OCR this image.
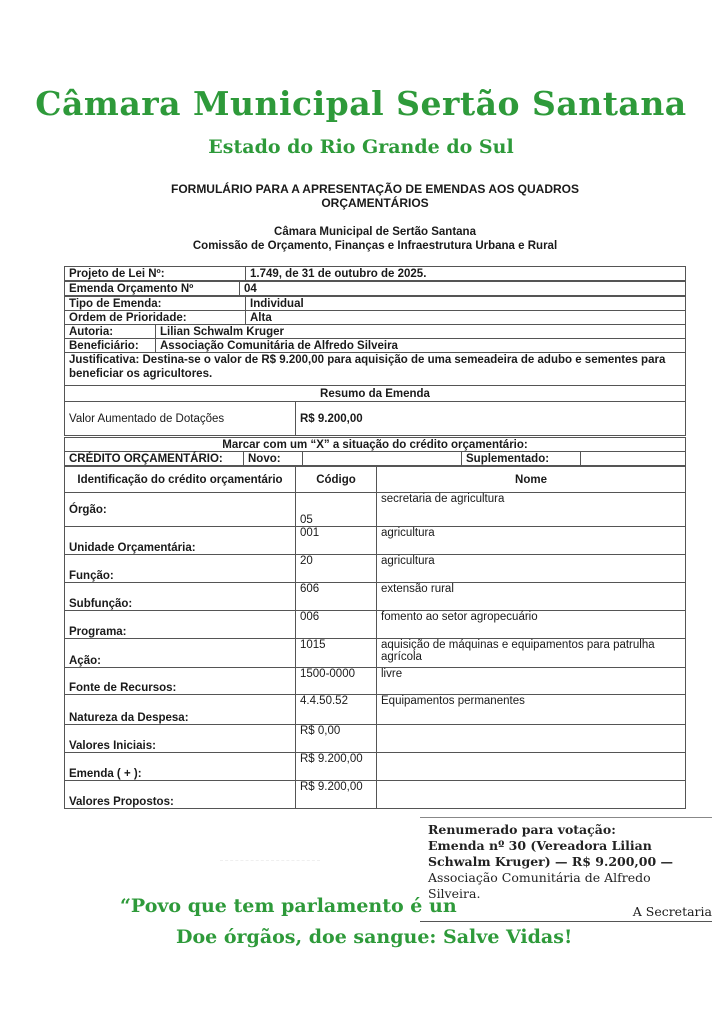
Câmara Municipal Sertão Santana
Estado do Rio Grande do Sul
FORMULÁRIO PARA A APRESENTAÇÃO DE EMENDAS AOS QUADROS
ORÇAMENTÁRIOS
Câmara Municipal de Sertão Santana
Comissão de Orçamento, Finanças e Infraestrutura Urbana e Rural
Projeto de Lei Nº:	1.749, de 31 de outubro de 2025.
Emenda Orçamento Nº	04
Tipo de Emenda:	Individual
Ordem de Prioridade:	Alta
Autoria:	Lilian Schwalm Kruger
Beneficiário:	Associação Comunitária de Alfredo Silveira
Justificativa: Destina-se o valor de R$ 9.200,00 para aquisição de uma semeadeira de adubo e sementes para beneficiar os agricultores.
Resumo da Emenda
Valor Aumentado de Dotações	R$ 9.200,00
Marcar com um “X” a situação do crédito orçamentário:
CRÉDITO ORÇAMENTÁRIO:	Novo:		Suplementado:	
Identificação do crédito orçamentário	Código	Nome
Órgão:	05	secretaria de agricultura
Unidade Orçamentária:	001	agricultura
Função:	20	agricultura
Subfunção:	606	extensão rural
Programa:	006	fomento ao setor agropecuário
Ação:	1015	aquisição de máquinas e equipamentos para patrulha agrícola
Fonte de Recursos:	1500-0000	livre
Natureza da Despesa:	4.4.50.52	Equipamentos permanentes
Valores Iniciais:	R$ 0,00	
Emenda ( + ):	R$ 9.200,00	
Valores Propostos:	R$ 9.200,00	
Renumerado para votação:
Emenda nº 30 (Vereadora Lilian
Schwalm Kruger) — R$ 9.200,00 —
Associação Comunitária de Alfredo
Silveira.
A Secretaria
“Povo que tem parlamento é un
Doe órgãos, doe sangue: Salve Vidas!
